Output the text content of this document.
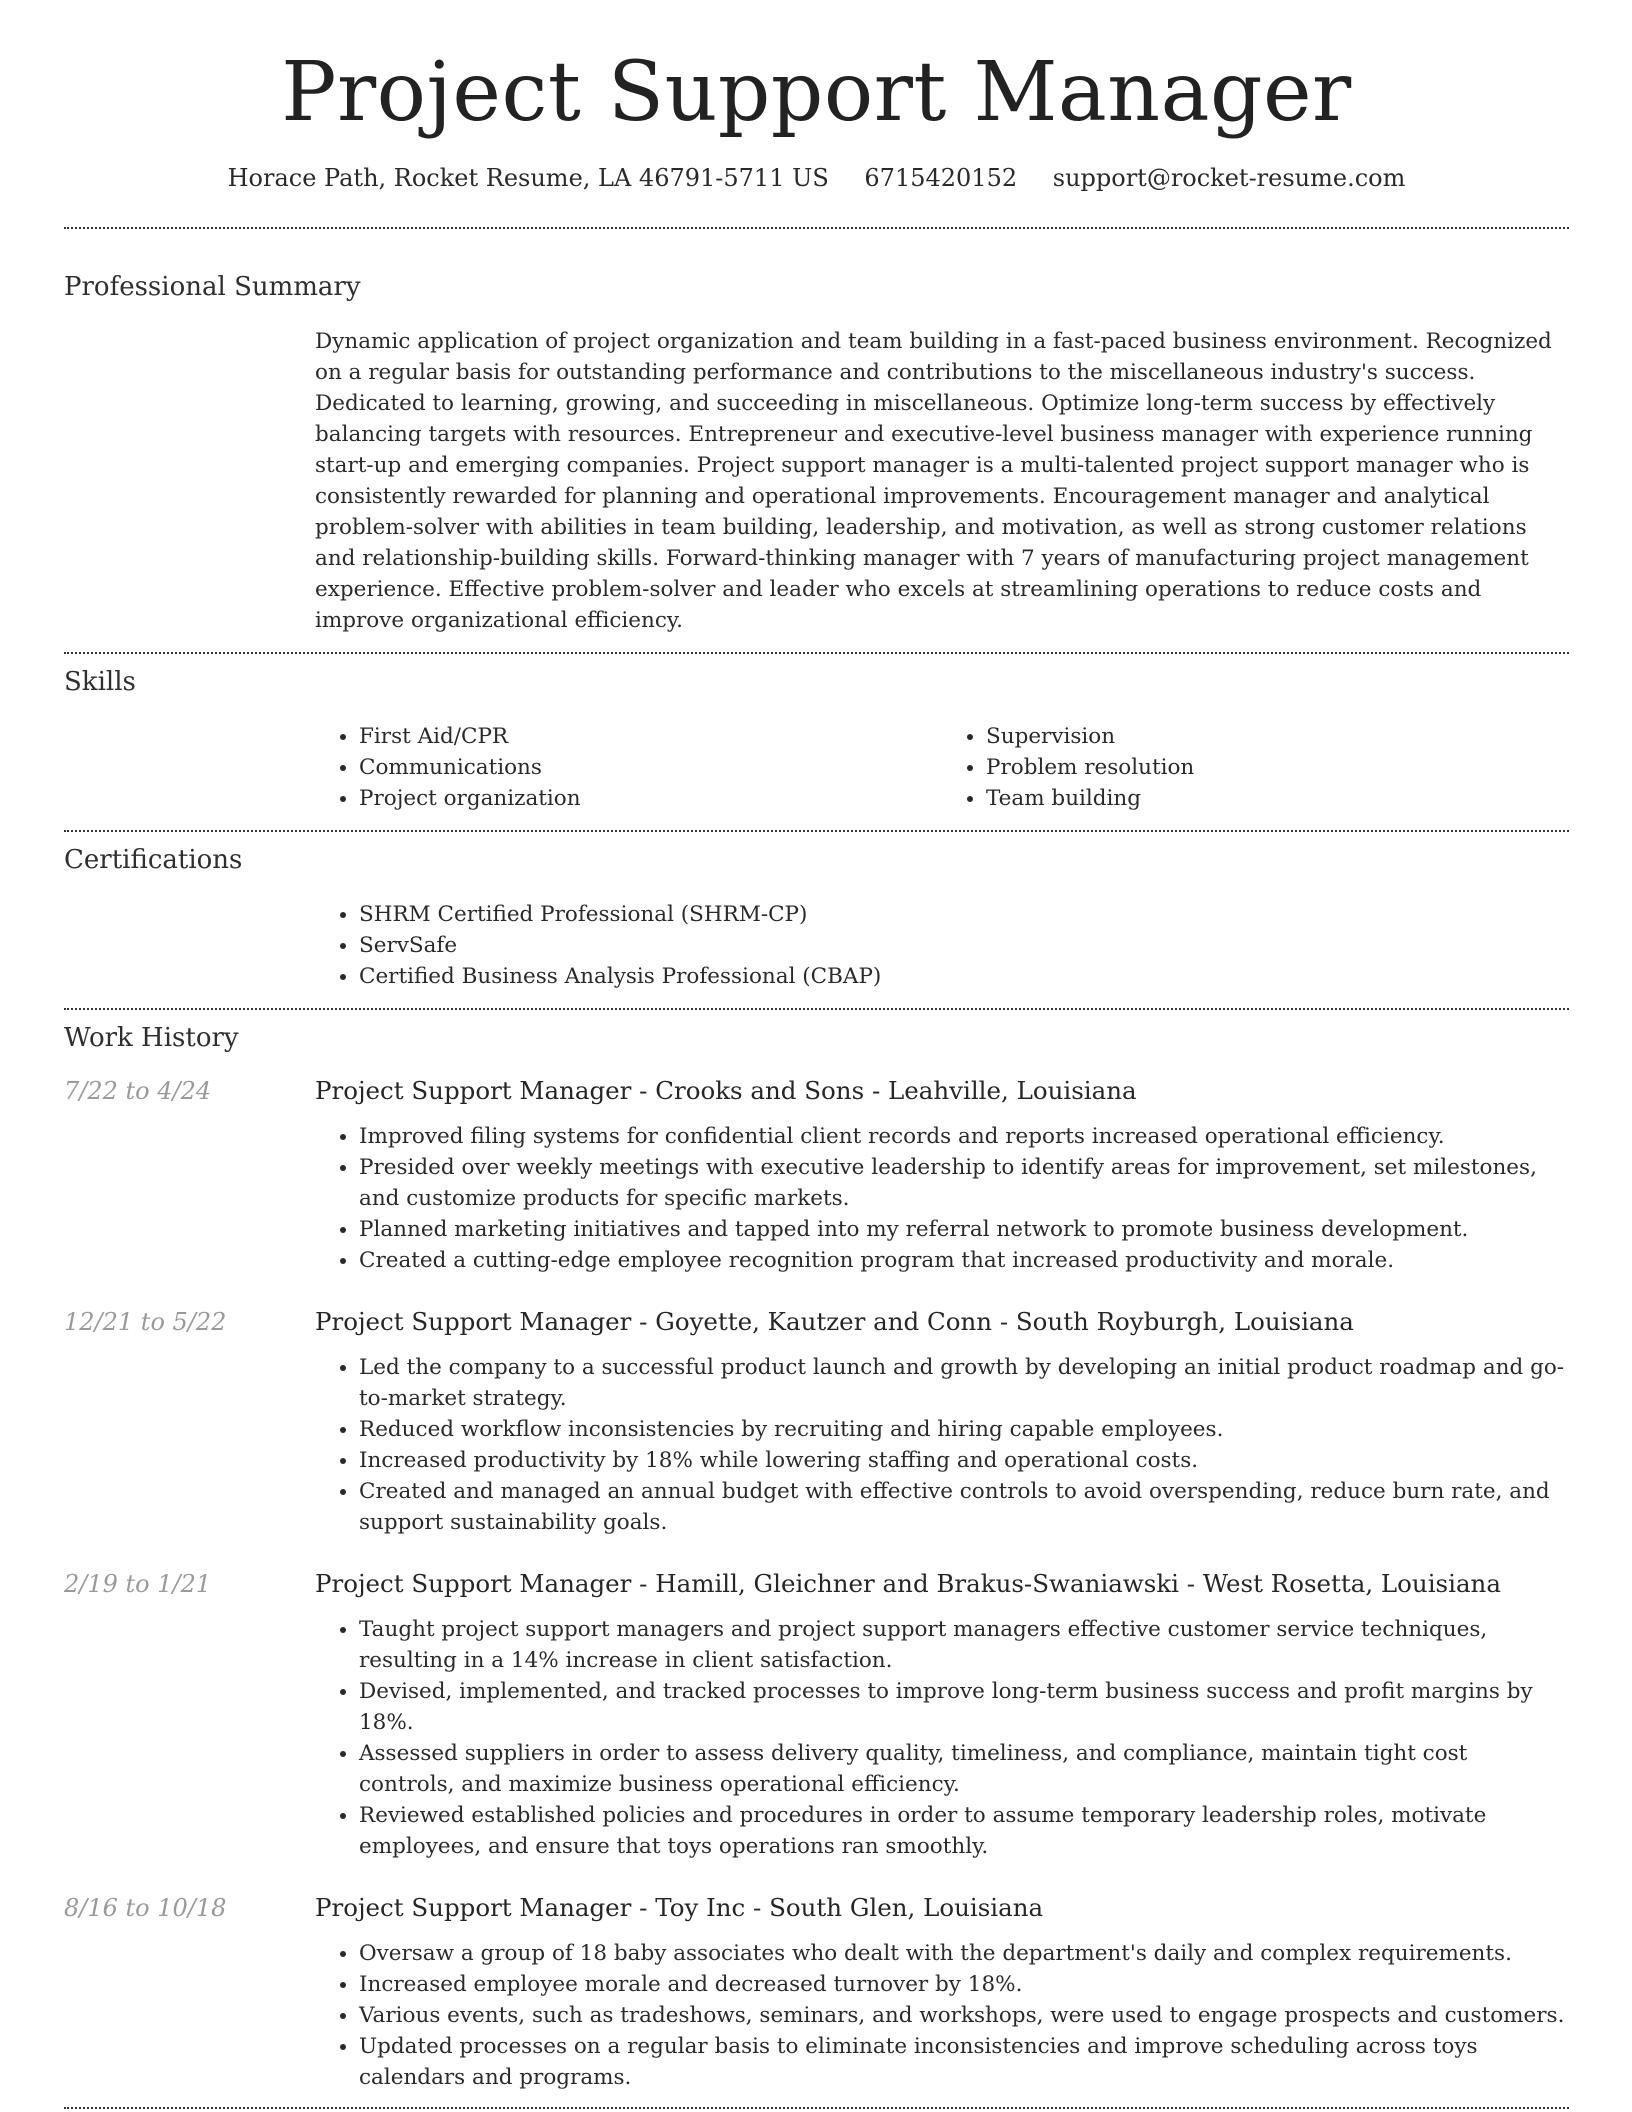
Project Support Manager
Horace Path, Rocket Resume, LA 46791-5711 US 6715420152 support@rocket-resume.com
Professional Summary
Dynamic application of project organization and team building in a fast-paced business environment. Recognized on a regular basis for outstanding performance and contributions to the miscellaneous industry's success. Dedicated to learning, growing, and succeeding in miscellaneous. Optimize long-term success by effectively balancing targets with resources. Entrepreneur and executive-level business manager with experience running start-up and emerging companies. Project support manager is a multi-talented project support manager who is consistently rewarded for planning and operational improvements. Encouragement manager and analytical problem-solver with abilities in team building, leadership, and motivation, as well as strong customer relations and relationship-building skills. Forward-thinking manager with 7 years of manufacturing project management experience. Effective problem-solver and leader who excels at streamlining operations to reduce costs and improve organizational efficiency.
Skills
• First Aid/CPR
• Communications
• Project organization
• Supervision
• Problem resolution
• Team building
Certifications
• SHRM Certified Professional (SHRM-CP)
• ServSafe
• Certified Business Analysis Professional (CBAP)
Work History
7/22 to 4/24	Project Support Manager - Crooks and Sons - Leahville, Louisiana
• Improved filing systems for confidential client records and reports increased operational efficiency.
• Presided over weekly meetings with executive leadership to identify areas for improvement, set milestones, and customize products for specific markets.
• Planned marketing initiatives and tapped into my referral network to promote business development.
• Created a cutting-edge employee recognition program that increased productivity and morale.
12/21 to 5/22	Project Support Manager - Goyette, Kautzer and Conn - South Royburgh, Louisiana
• Led the company to a successful product launch and growth by developing an initial product roadmap and go-to-market strategy.
• Reduced workflow inconsistencies by recruiting and hiring capable employees.
• Increased productivity by 18% while lowering staffing and operational costs.
• Created and managed an annual budget with effective controls to avoid overspending, reduce burn rate, and support sustainability goals.
2/19 to 1/21	Project Support Manager - Hamill, Gleichner and Brakus-Swaniawski - West Rosetta, Louisiana
• Taught project support managers and project support managers effective customer service techniques, resulting in a 14% increase in client satisfaction.
• Devised, implemented, and tracked processes to improve long-term business success and profit margins by 18%.
• Assessed suppliers in order to assess delivery quality, timeliness, and compliance, maintain tight cost controls, and maximize business operational efficiency.
• Reviewed established policies and procedures in order to assume temporary leadership roles, motivate employees, and ensure that toys operations ran smoothly.
8/16 to 10/18	Project Support Manager - Toy Inc - South Glen, Louisiana
• Oversaw a group of 18 baby associates who dealt with the department's daily and complex requirements.
• Increased employee morale and decreased turnover by 18%.
• Various events, such as tradeshows, seminars, and workshops, were used to engage prospects and customers.
• Updated processes on a regular basis to eliminate inconsistencies and improve scheduling across toys calendars and programs.
